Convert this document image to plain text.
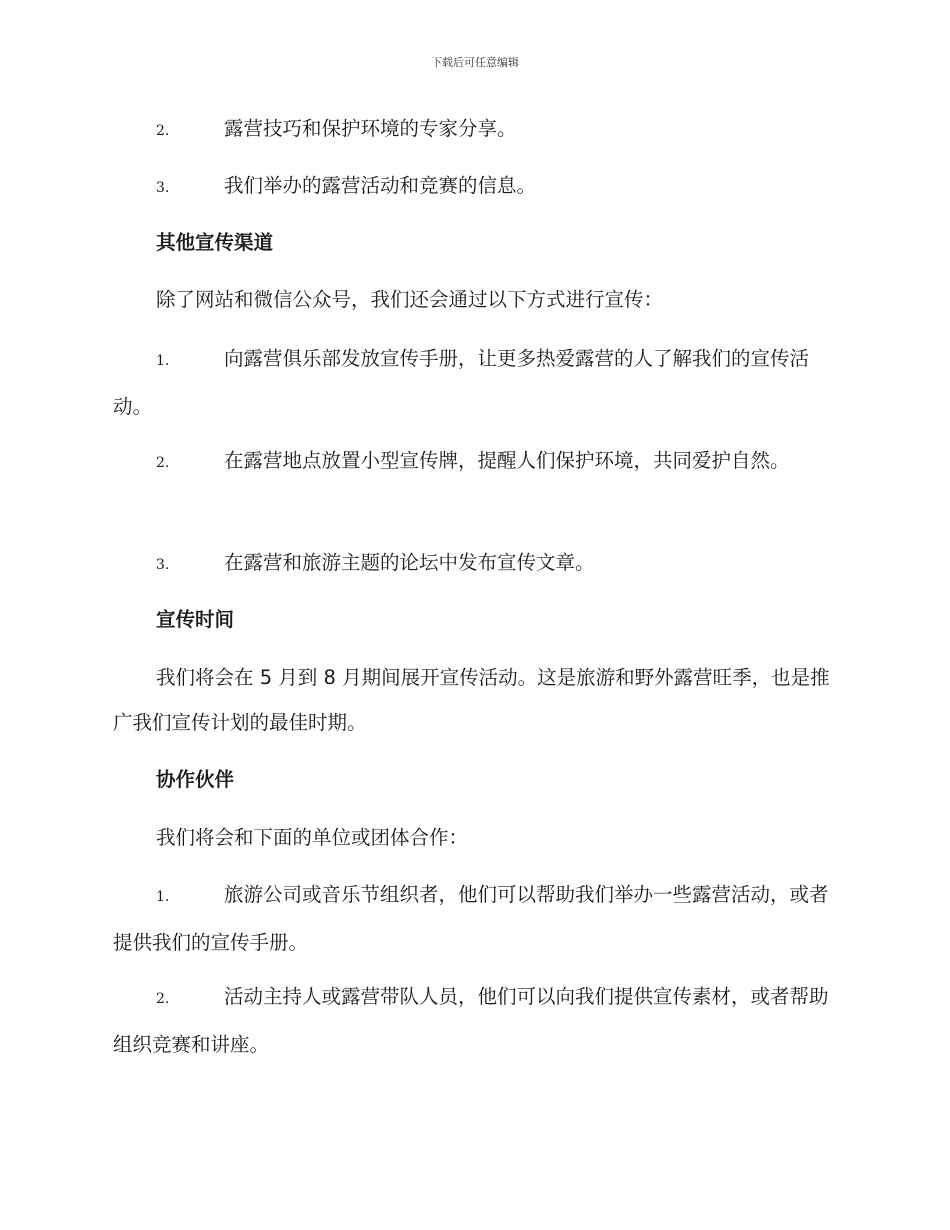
下载后可任意编辑
2.	露营技巧和保护环境的专家分享。
3.	我们举办的露营活动和竞赛的信息。
其他宣传渠道
除了网站和微信公众号，我们还会通过以下方式进行宣传：
1.	向露营俱乐部发放宣传手册，让更多热爱露营的人了解我们的宣传活动。
2.	在露营地点放置小型宣传牌，提醒人们保护环境，共同爱护自然。
3.	在露营和旅游主题的论坛中发布宣传文章。
宣传时间
我们将会在 5 月到 8 月期间展开宣传活动。这是旅游和野外露营旺季，也是推广我们宣传计划的最佳时期。
协作伙伴
我们将会和下面的单位或团体合作：
1.	旅游公司或音乐节组织者，他们可以帮助我们举办一些露营活动，或者提供我们的宣传手册。
2.	活动主持人或露营带队人员，他们可以向我们提供宣传素材，或者帮助组织竞赛和讲座。
